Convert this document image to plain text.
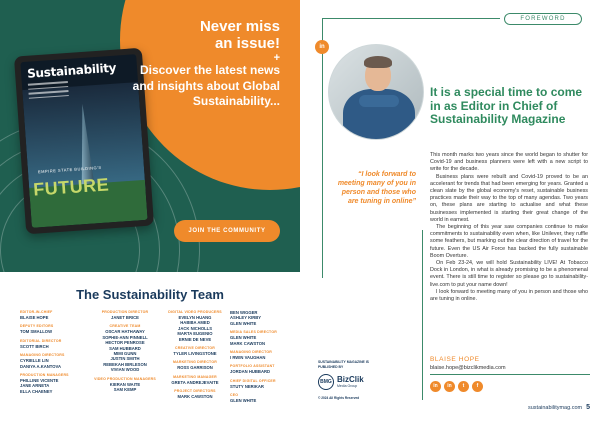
Sustainability
EMPIRE STATE BUILDING'S
FUTURE
Never miss
an issue!
+
Discover the latest news and insights about Global Sustainability...
JOIN THE COMMUNITY
The Sustainability Team
EDITOR-IN-CHIEF
BLAISE HOPE
DEPUTY EDITORS
TOM SMALLOW
EDITORIAL DIRECTOR
SCOTT BIRCH
MANAGING DIRECTORS
CYRIELLE LIN
DANIYA A.KANTOVA
PRODUCTION MANAGERS
PHILLINE VICENTE
JANE ARNETA
ELLA CHAENEY
PRODUCTION DIRECTOR
JANET BRICE
CREATIVE TEAM
OSCAR HATHAWAY
SOPHIE-ANN PINNELL
HECTOR PENROSE
SAM HUBBARD
MIMI GUNN
JUSTIN SMITH
REBEKAH BIRLESON
VIVIAN WOOD
VIDEO PRODUCTION MANAGERS
KIERAN WAITE
SAM KEMP
DIGITAL VIDEO PRODUCERS
EVELYN HUANG
HABIBA AMED
JACK NICHOLLS
MARTA EUGENIO
ERNIE DE NEVE
CREATIVE DIRECTOR
TYLER LIVINGSTONE
MARKETING DIRECTOR
ROSS GARRISON
MARKETING MANAGER
GRETA ANDREJEVAITE
PROJECT DIRECTORS
MARK CAWSTON
BEN WIGGER
ASHLEY KIRBY
GLEN WHITE
MEDIA SALES DIRECTOR
GLEN WHITE
MARK CAWSTON
MANAGING DIRECTOR
I RWIN VAUGHAN
PORTFOLIO ASSISTANT
JORDAN HUBBARD
CHIEF DIGITAL OFFICER
STUTY NERIKAR
CEO
GLEN WHITE
FOREWORD
in
“I look forward to meeting many of you in person and those who are tuning in online”
It is a special time to come in as Editor in Chief of Sustainability Magazine

This month marks two years since the world began to shutter for Covid-19 and business planners were left with a new script to write for the decade.

Business plans were rebuilt and Covid-19 proved to be an accelerant for trends that had been emerging for years. Granted a clean slate by the global economy's reset, sustainable business practices made their way to the top of many agendas. Two years on, these plans are starting to actualise and what these businesses implemented is starting their great change of the world in earnest.

The beginning of this year saw companies continue to make commitments to sustainability even when, like Unilever, they ruffle some feathers, but marking out the clear direction of travel for the future. Even the US Air Force has backed the fully sustainable Boom Overture.

On Feb 23-24, we will hold Sustainability LIVE! At Tobacco Dock in London, in what is already promising to be a phenomenal event. There is still time to register so please go to sustainability-live.com to put your name down!

I look forward to meeting many of you in person and those who are tuning in online.

BLAISE HOPE
blaise.hope@bizclikmedia.com
in	in	t	f
SUSTAINABILITY MAGAZINE IS PUBLISHED BY
BMG BizClik
Media Group
© 2024 All Rights Reserved
sustainabilitymag.com 5
